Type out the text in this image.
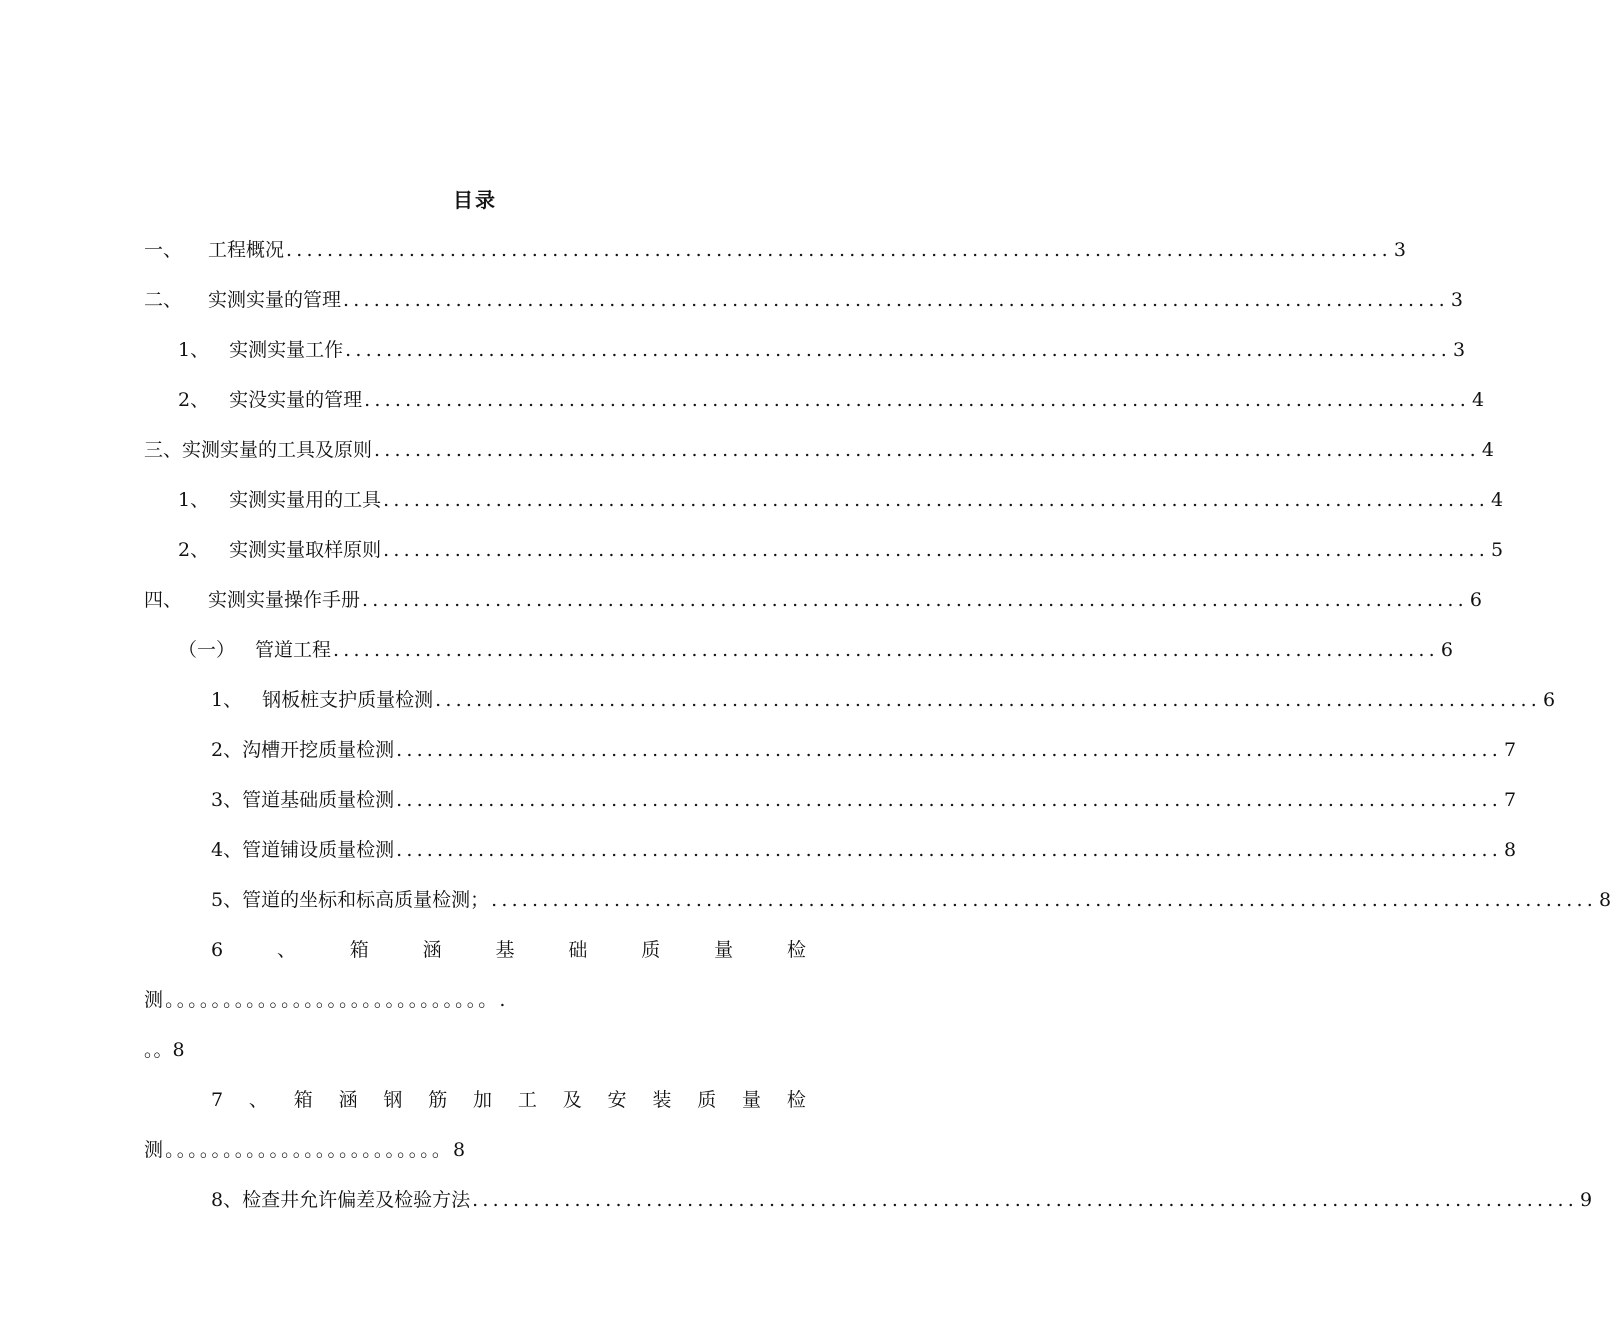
目录
一、 工程概况 ............................................................................................................ 3
二、 实测实量的管理 ............................................................................................................ 3
1、 实测实量工作 ............................................................................................................ 3
2、 实没实量的管理 ............................................................................................................ 4
三、实测实量的工具及原则 ............................................................................................................ 4
1、 实测实量用的工具 ............................................................................................................ 4
2、 实测实量取样原则 ............................................................................................................ 5
四、 实测实量操作手册 ............................................................................................................ 6
（一） 管道工程 ............................................................................................................ 6
1、 钢板桩支护质量检测 ............................................................................................................ 6
2、沟槽开挖质量检测 ............................................................................................................ 7
3、管道基础质量检测 ............................................................................................................ 7
4、管道铺设质量检测 ............................................................................................................ 8
5、管道的坐标和标高质量检测； ............................................................................................................ 8
6	、	箱	涵	基	础	质	量	检
测。。。。。。。。。。。。。。。。。。。。。。。。。。。。.
。。8
7 、 箱 涵 钢 筋 加 工 及 安 装 质 量 检
测。。。。。。。。。。。。。。。。。。。。。。。。8
8、检查井允许偏差及检验方法 ............................................................................................................ 9
